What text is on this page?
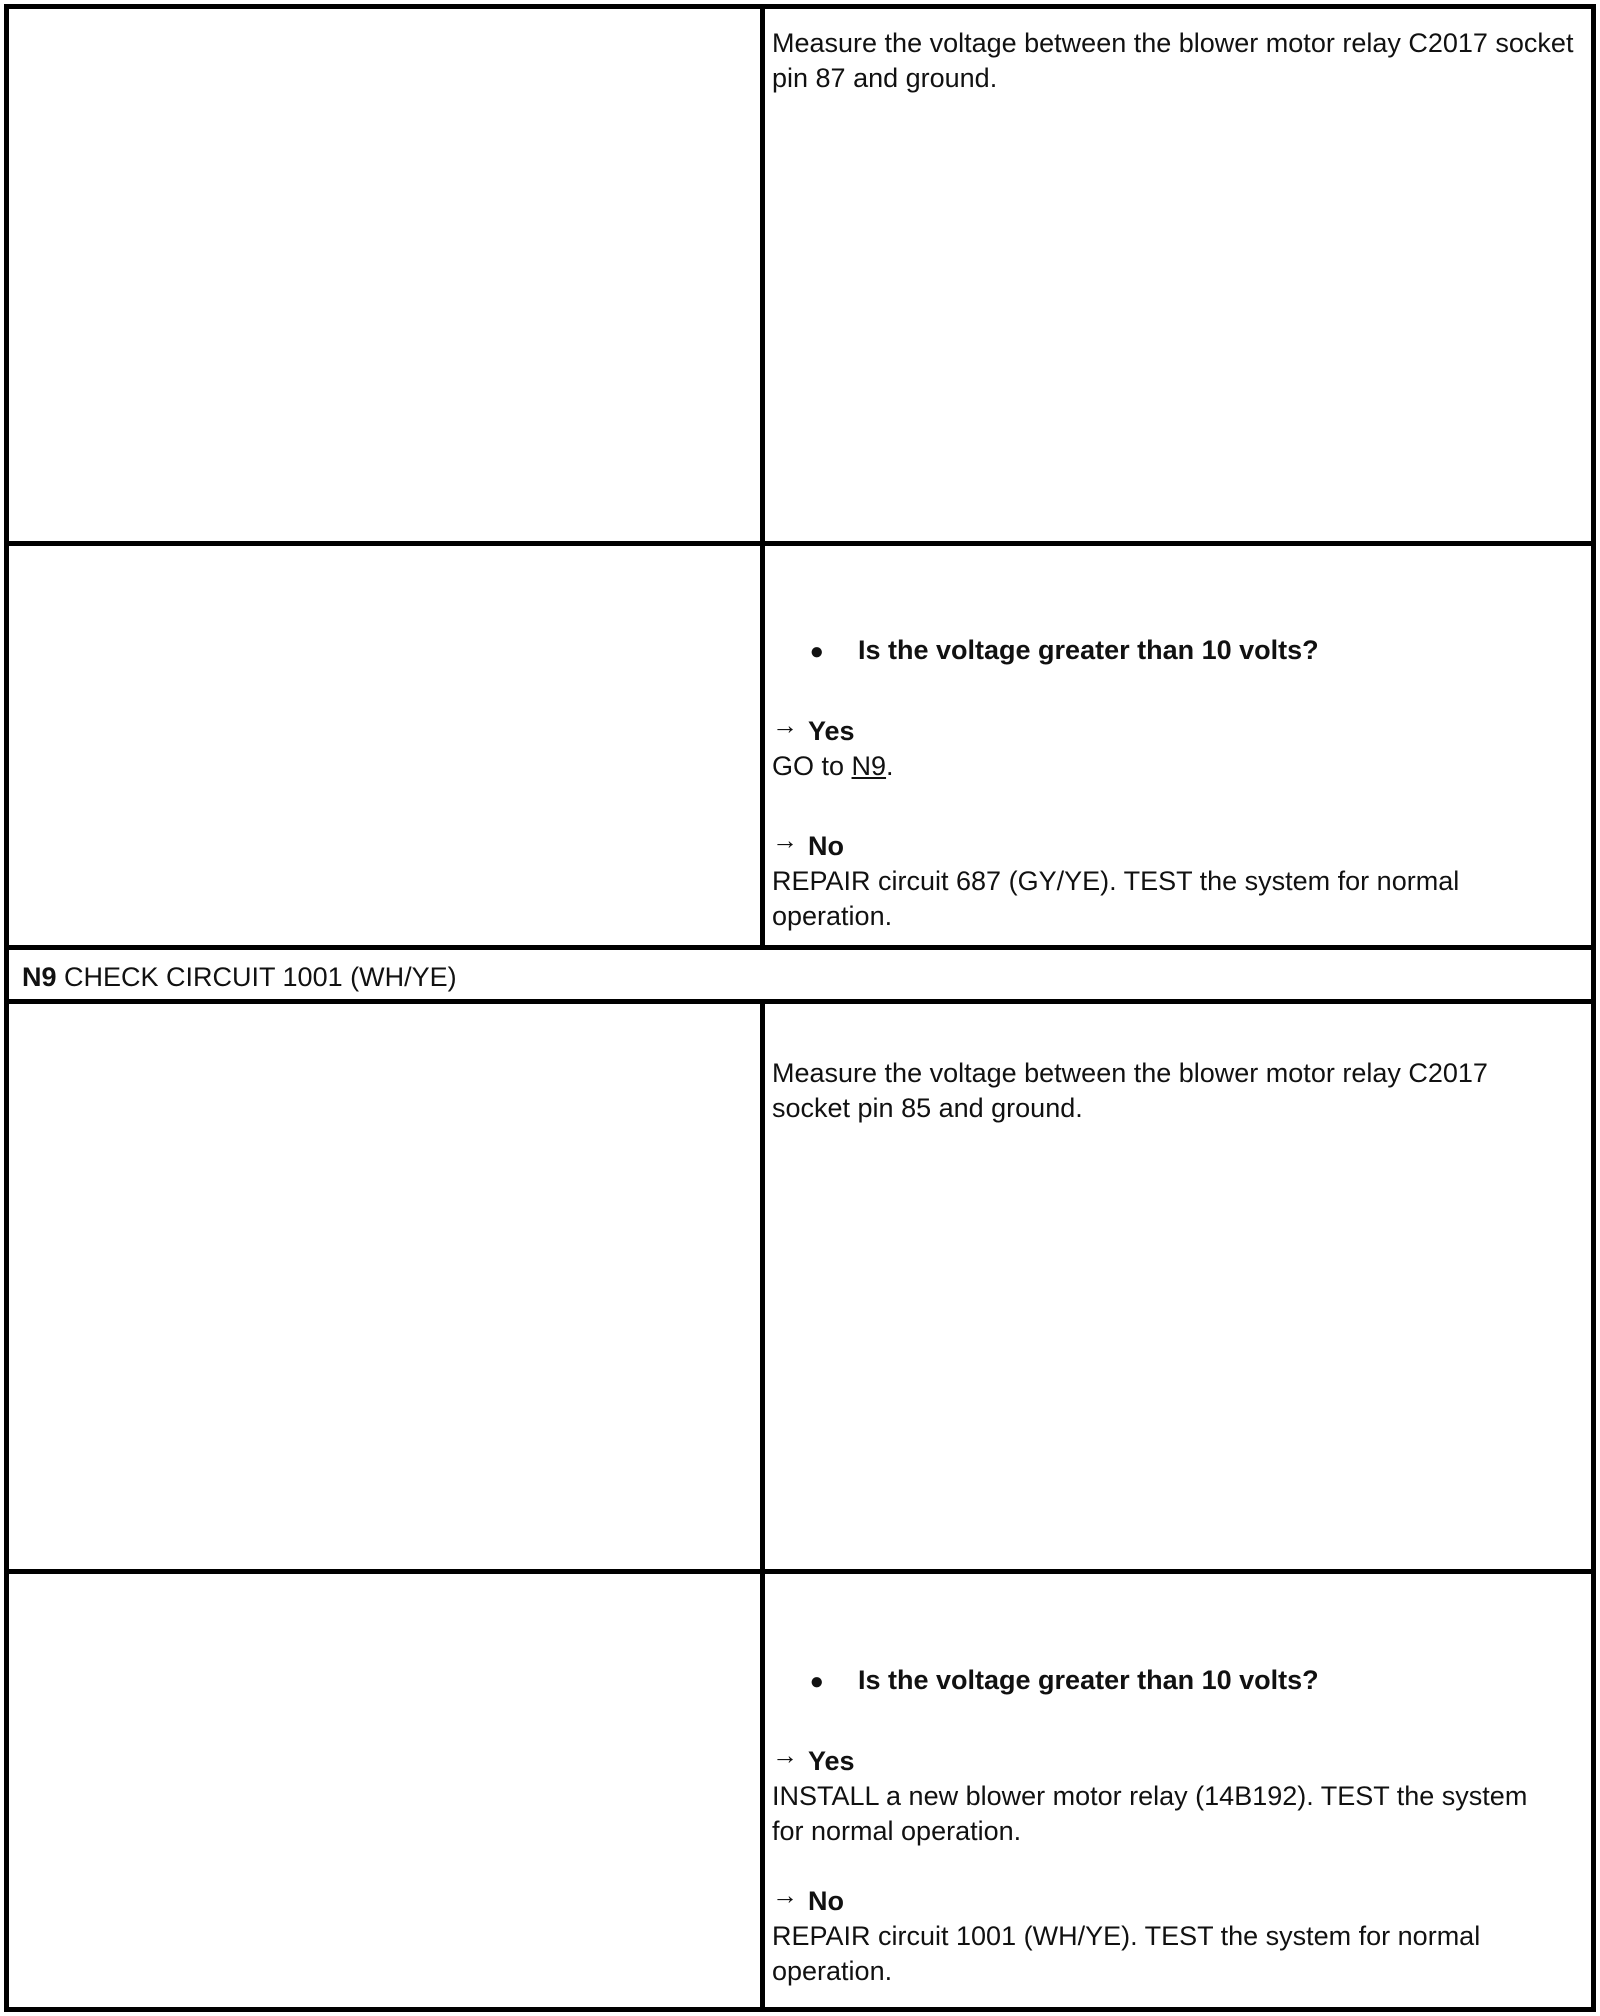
Measure the voltage between the blower motor relay C2017 socket pin 87 and ground.

●	Is the voltage greater than 10 volts?
→ Yes
GO to N9.
→ No

REPAIR circuit 687 (GY/YE). TEST the system for normal operation.

N9 CHECK CIRCUIT 1001 (WH/YE)

Measure the voltage between the blower motor relay C2017 socket pin 85 and ground.

●	Is the voltage greater than 10 volts?
→ Yes

INSTALL a new blower motor relay (14B192). TEST the system for normal operation.

→ No

REPAIR circuit 1001 (WH/YE). TEST the system for normal operation.
